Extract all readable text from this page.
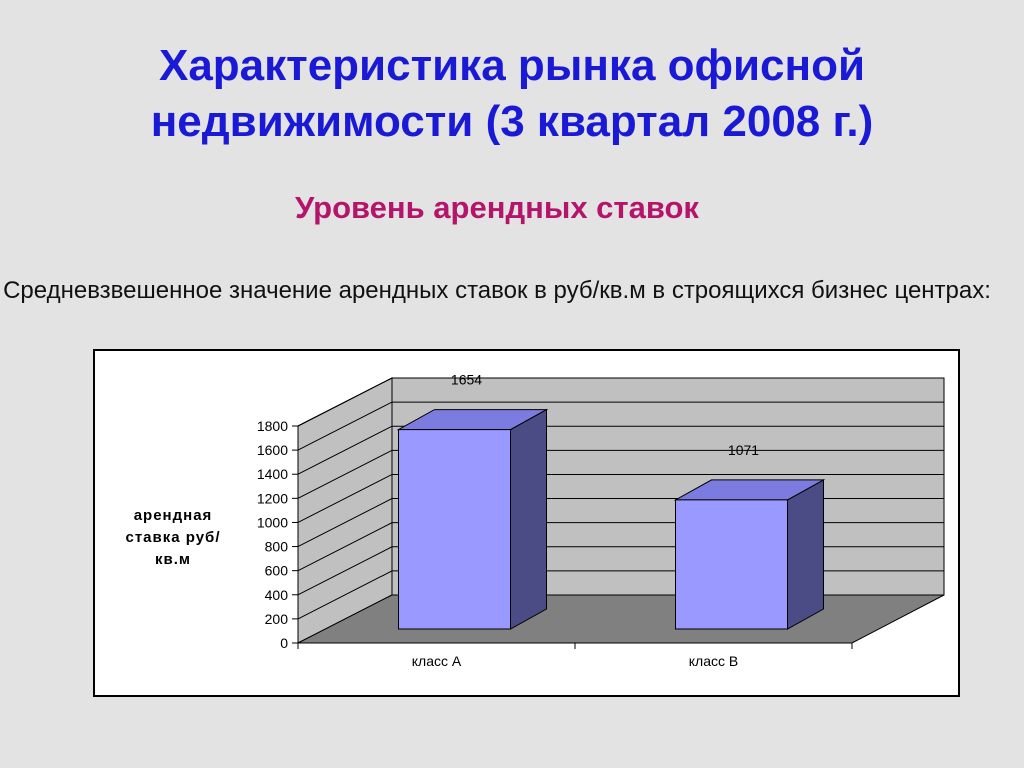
Характеристика рынка офисной недвижимости (3 квартал 2008 г.)
Уровень арендных ставок
Средневзвешенное значение арендных ставок в руб/кв.м в строящихся бизнес центрах:
0
200
400
600
800
1000
1200
1400
1600
1800
1654
класс А
1071
класс В
арендная ставка руб/кв.м
